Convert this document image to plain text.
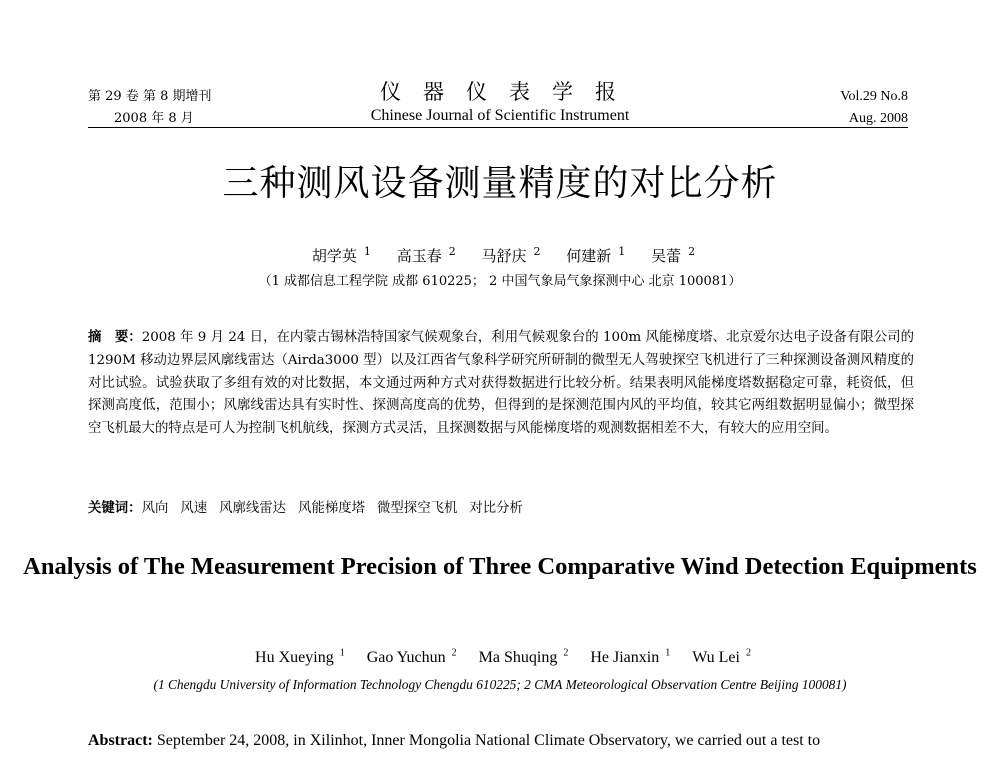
第 29 卷 第 8 期增刊
2008 年 8 月
仪器仪表学报
Chinese Journal of Scientific Instrument
Vol.29 No.8
Aug. 2008
三种测风设备测量精度的对比分析
胡学英 $^1$ 高玉春 $^2$ 马舒庆 $^2$ 何建新 $^1$ 吴蕾 $^2$
（1 成都信息工程学院 成都 610225； 2 中国气象局气象探测中心 北京 100081）
摘　要：2008 年 9 月 24 日，在内蒙古锡林浩特国家气候观象台，利用气候观象台的 100m 风能梯度塔、北京爱尔达电子设备有限公司的 1290M 移动边界层风廓线雷达（Airda3000 型）以及江西省气象科学研究所研制的微型无人驾驶探空飞机进行了三种探测设备测风精度的对比试验。试验获取了多组有效的对比数据，本文通过两种方式对获得数据进行比较分析。结果表明风能梯度塔数据稳定可靠，耗资低，但探测高度低，范围小；风廓线雷达具有实时性、探测高度高的优势，但得到的是探测范围内风的平均值，较其它两组数据明显偏小；微型探空飞机最大的特点是可人为控制飞机航线，探测方式灵活，且探测数据与风能梯度塔的观测数据相差不大，有较大的应用空间。
关键词：风向 风速 风廓线雷达 风能梯度塔 微型探空飞机 对比分析
Analysis of The Measurement Precision of Three Comparative Wind Detection Equipments
Hu Xueying $^1$ Gao Yuchun $^2$ Ma Shuqing $^2$ He Jianxin $^1$ Wu Lei $^2$
(1 Chengdu University of Information Technology Chengdu 610225; 2 CMA Meteorological Observation Centre Beijing 100081)
Abstract: September 24, 2008, in Xilinhot, Inner Mongolia National Climate Observatory, we carried out a test to
